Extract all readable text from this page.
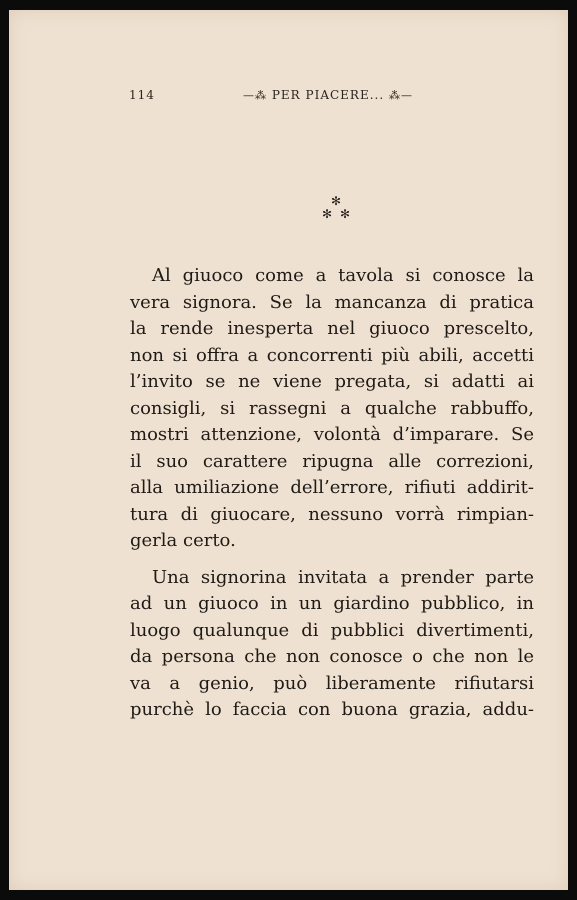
114	—⁂ PER PIACERE... ⁂—
✻
✻ ✻
Al giuoco come a tavola si conosce la
vera signora. Se la mancanza di pratica
la rende inesperta nel giuoco prescelto,
non si offra a concorrenti più abili, accetti
l’invito se ne viene pregata, si adatti ai
consigli, si rassegni a qualche rabbuffo,
mostri attenzione, volontà d’imparare. Se
il suo carattere ripugna alle correzioni,
alla umiliazione dell’errore, rifiuti addirit-
tura di giuocare, nessuno vorrà rimpian-
gerla certo.
Una signorina invitata a prender parte
ad un giuoco in un giardino pubblico, in
luogo qualunque di pubblici divertimenti,
da persona che non conosce o che non le
va a genio, può liberamente rifiutarsi
purchè lo faccia con buona grazia, addu-
